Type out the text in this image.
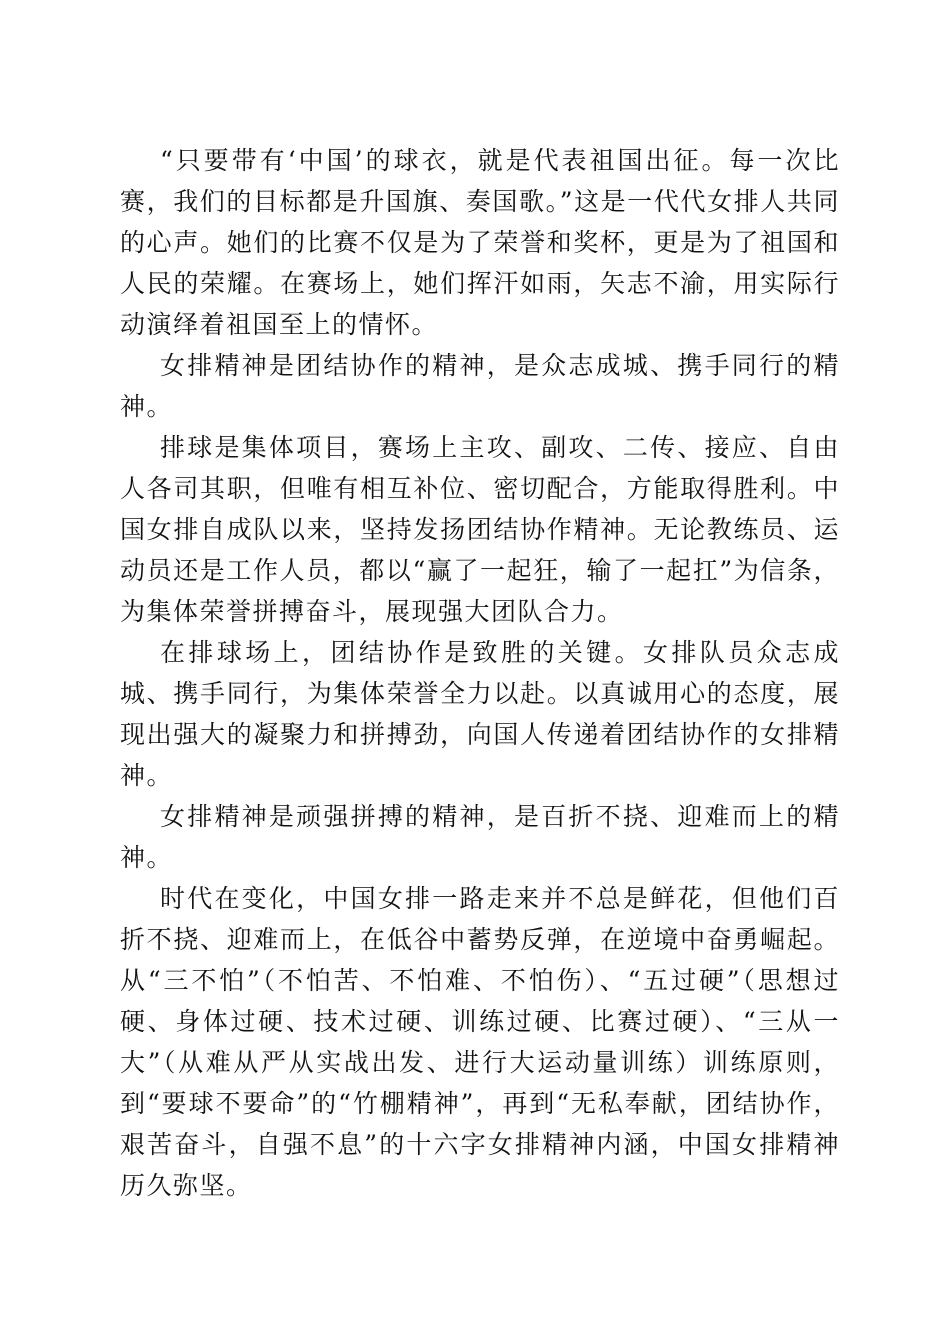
“只要带有‘中国’的球衣，就是代表祖国出征。每一次比赛，我们的目标都是升国旗、奏国歌。”这是一代代女排人共同的心声。她们的比赛不仅是为了荣誉和奖杯，更是为了祖国和人民的荣耀。在赛场上，她们挥汗如雨，矢志不渝，用实际行动演绎着祖国至上的情怀。

女排精神是团结协作的精神，是众志成城、携手同行的精神。

排球是集体项目，赛场上主攻、副攻、二传、接应、自由人各司其职，但唯有相互补位、密切配合，方能取得胜利。中国女排自成队以来，坚持发扬团结协作精神。无论教练员、运动员还是工作人员，都以“赢了一起狂，输了一起扛”为信条，为集体荣誉拼搏奋斗，展现强大团队合力。

在排球场上，团结协作是致胜的关键。女排队员众志成城、携手同行，为集体荣誉全力以赴。以真诚用心的态度，展现出强大的凝聚力和拼搏劲，向国人传递着团结协作的女排精神。

女排精神是顽强拼搏的精神，是百折不挠、迎难而上的精神。

时代在变化，中国女排一路走来并不总是鲜花，但他们百折不挠、迎难而上，在低谷中蓄势反弹，在逆境中奋勇崛起。从“三不怕”（不怕苦、不怕难、不怕伤）、“五过硬”（思想过硬、身体过硬、技术过硬、训练过硬、比赛过硬）、“三从一大”（从难从严从实战出发、进行大运动量训练）训练原则，到“要球不要命”的“竹棚精神”，再到“无私奉献，团结协作，艰苦奋斗，自强不息”的十六字女排精神内涵，中国女排精神历久弥坚。
